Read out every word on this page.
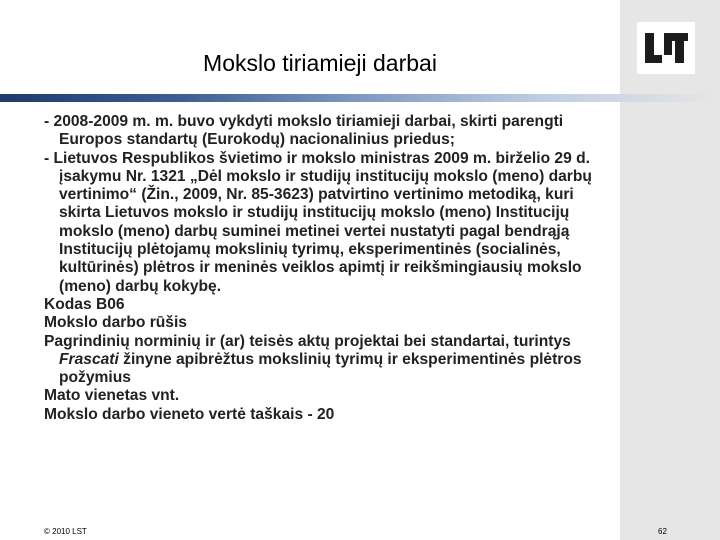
Mokslo tiriamieji darbai

- 2008-2009 m. m. buvo vykdyti mokslo tiriamieji darbai, skirti parengti Europos standartų (Eurokodų) nacionalinius priedus;

- Lietuvos Respublikos švietimo ir mokslo ministras 2009 m. birželio 29 d. įsakymu Nr. 1321 „Dėl mokslo ir studijų institucijų mokslo (meno) darbų vertinimo“ (Žin., 2009, Nr. 85-3623) patvirtino vertinimo metodiką, kuri skirta Lietuvos mokslo ir studijų institucijų mokslo (meno) Institucijų mokslo (meno) darbų suminei metinei vertei nustatyti pagal bendrąją Institucijų plėtojamų mokslinių tyrimų, eksperimentinės (socialinės, kultūrinės) plėtros ir meninės veiklos apimtį ir reikšmingiausių mokslo (meno) darbų kokybę.

Kodas B06

Mokslo darbo rūšis

Pagrindinių norminių ir (ar) teisės aktų projektai bei standartai, turintys Frascati žinyne apibrėžtus mokslinių tyrimų ir eksperimentinės plėtros požymius

Mato vienetas vnt.

Mokslo darbo vieneto vertė taškais - 20

© 2010 LST	62
